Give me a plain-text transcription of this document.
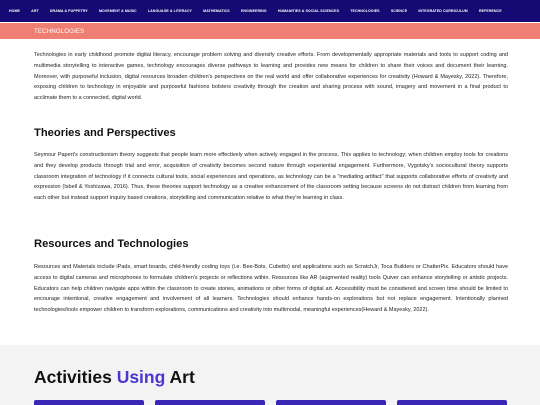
HOME	ART	DRAMA & PUPPETRY	MOVEMENT & MUSIC	LANGUAGE & LITERACY	MATHEMATICS	ENGINEERING	HUMANITIES & SOCIAL SCIENCES	TECHNOLOGIES	SCIENCE	INTEGRATED CURRICULUM	REFERENCE
TECHNOLOGIES

Technologies in early childhood promote digital literacy, encourage problem solving and diversify creative efforts. From developmentally appropriate materials and tools to support coding and multimedia storytelling to interactive games, technology encourages diverse pathways to learning and provides new means for children to share their voices and document their learning. Moreover, with purposeful inclusion, digital resources broaden children's perspectives on the real world and offer collaborative experiences for creativity (Howard & Mayesky, 2022). Therefore, exposing children to technology in enjoyable and purposeful fashions bolsters creativity through the creation and sharing process with sound, imagery and movement in a final product to acclimate them to a connected, digital world.

Theories and Perspectives

Seymour Papert's constructionism theory suggests that people learn more effectively when actively engaged in the process. This applies to technology; when children employ tools for creations and they develop products through trial and error, acquisition of creativity becomes second nature through experiential engagement. Furthermore, Vygotsky's sociocultural theory supports classroom integration of technology if it connects cultural tools, social experiences and operations, as technology can be a "mediating artifact" that supports collaborative efforts of creativity and expression (Isbell & Yoshizawa, 2016). Thus, these theories support technology as a creative enhancement of the classroom setting because screens do not distract children from learning from each other but instead support inquiry based creations, storytelling and communication relative to what they're learning in class.

Resources and Technologies

Resources and Materials include iPads, smart boards, child-friendly coding toys (i.e. Bee-Bots, Cubetto) and applications such as ScratchJr, Toca Builders or ChatterPix. Educators should have access to digital cameras and microphones to formulate children's projects or reflections within. Resources like AR (augmented reality) tools Quiver can enhance storytelling or artistic projects. Educators can help children navigate apps within the classroom to create stories, animations or other forms of digital art. Accessibility must be considered and screen time should be limited to encourage intentional, creative engagement and involvement of all learners. Technologies should enhance hands-on explorations but not replace engagement. Intentionally planned technologies/tools empower children to transform explorations, communications and creativity into multimodal, meaningful experiences(Heward & Mayesky, 2022).

Activities Using Art
